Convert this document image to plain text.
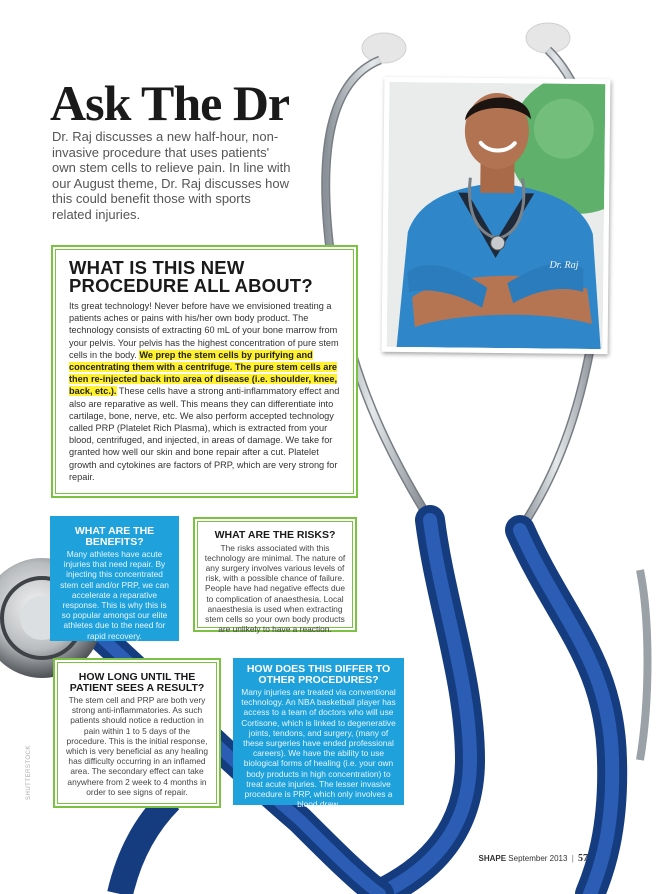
Ask The Dr

Dr. Raj discusses a new half-hour, non-invasive procedure that uses patients' own stem cells to relieve pain. In line with our August theme, Dr. Raj discusses how this could benefit those with sports related injuries.

Dr. Raj
WHAT IS THIS NEW
PROCEDURE ALL ABOUT?

Its great technology! Never before have we envisioned treating a patients aches or pains with his/her own body product. The technology consists of extracting 60 mL of your bone marrow from your pelvis. Your pelvis has the highest concentration of pure stem cells in the body. We prep the stem cells by purifying and concentrating them with a centrifuge. The pure stem cells are then re-injected back into area of disease (i.e. shoulder, knee, back, etc.). These cells have a strong anti-inflammatory effect and also are reparative as well. This means they can differentiate into cartilage, bone, nerve, etc. We also perform accepted technology called PRP (Platelet Rich Plasma), which is extracted from your blood, centrifuged, and injected, in areas of damage. We take for granted how well our skin and bone repair after a cut. Platelet growth and cytokines are factors of PRP, which are very strong for repair.

WHAT ARE THE BENEFITS?

Many athletes have acute injuries that need repair. By injecting this concentrated stem cell and/or PRP, we can accelerate a reparative response. This is why this is so popular amongst our elite athletes due to the need for rapid recovery.

WHAT ARE THE RISKS?

The risks associated with this technology are minimal. The nature of any surgery involves various levels of risk, with a possible chance of failure. People have had negative effects due to complication of anaesthesia. Local anaesthesia is used when extracting stem cells so your own body products are unlikely to have a reaction.

HOW LONG UNTIL THE PATIENT SEES A RESULT?

The stem cell and PRP are both very strong anti-inflammatories. As such patients should notice a reduction in pain within 1 to 5 days of the procedure. This is the initial response, which is very beneficial as any healing has difficulty occurring in an inflamed area. The secondary effect can take anywhere from 2 week to 4 months in order to see signs of repair.

HOW DOES THIS DIFFER TO OTHER PROCEDURES?

Many injuries are treated via conventional technology. An NBA basketball player has access to a team of doctors who will use Cortisone, which is linked to degenerative joints, tendons, and surgery, (many of these surgeries have ended professional careers). We have the ability to use biological forms of healing (i.e. your own body products in high concentration) to treat acute injuries. The lesser invasive procedure is PRP, which only involves a blood draw.

SHUTTERSTOCK
SHAPE September 2013 | 57
